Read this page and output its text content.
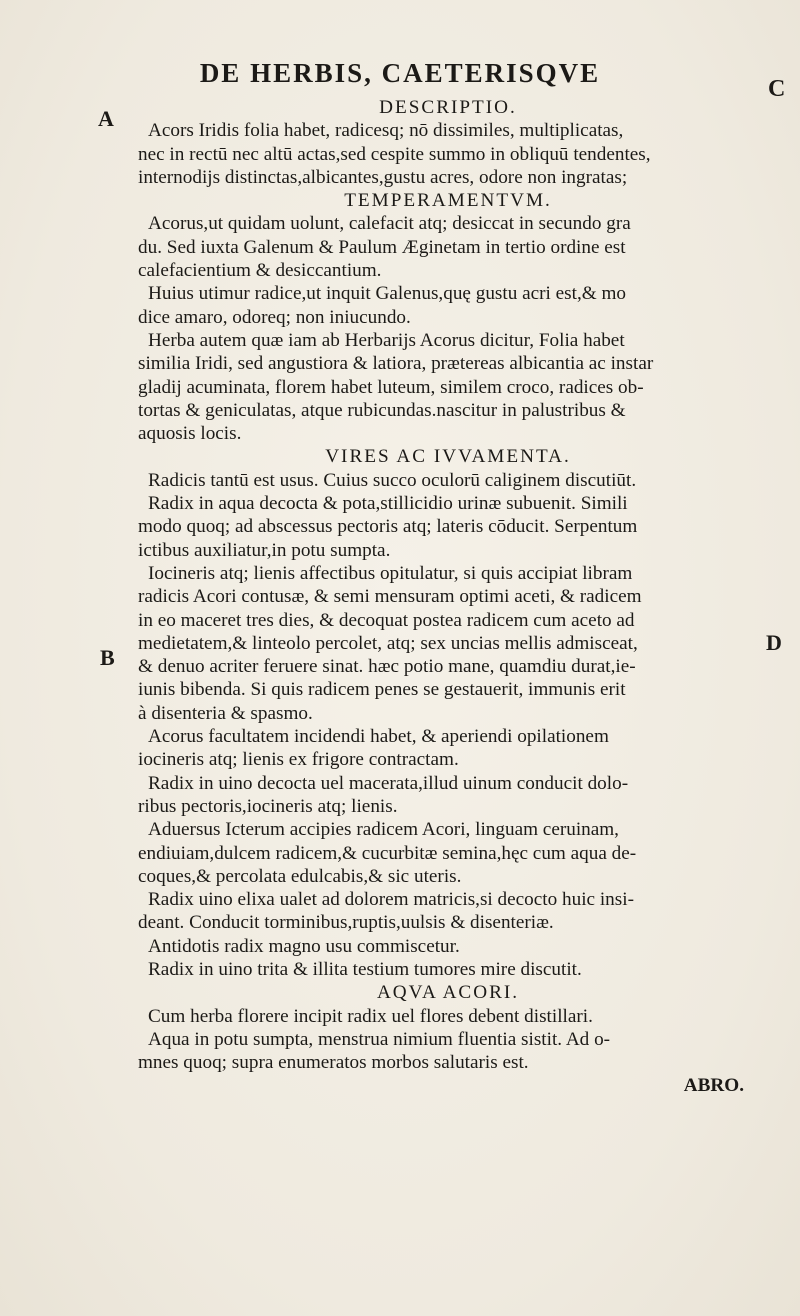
DE HERBIS, CAETERISQVE
A
B
C
D
DESCRIPTIO.
Acors Iridis folia habet, radicesq; nō dissimiles, multiplicatas,
nec in rectū nec altū actas,sed cespite summo in obliquū tendentes,
internodijs distinctas,albicantes,gustu acres, odore non ingratas;
TEMPERAMENTVM.
Acorus,ut quidam uolunt, calefacit atq; desiccat in secundo gra
du. Sed iuxta Galenum & Paulum Æginetam in tertio ordine est
calefacientium & desiccantium.
Huius utimur radice,ut inquit Galenus,quę gustu acri est,& mo
dice amaro, odoreq; non iniucundo.
Herba autem quæ iam ab Herbarijs Acorus dicitur, Folia habet
similia Iridi, sed angustiora & latiora, prætereas albicantia ac instar
gladij acuminata, florem habet luteum, similem croco, radices ob-
tortas & geniculatas, atque rubicundas.nascitur in palustribus &
aquosis locis.
VIRES AC IVVAMENTA.
Radicis tantū est usus. Cuius succo oculorū caliginem discutiūt.
Radix in aqua decocta & pota,stillicidio urinæ subuenit. Simili
modo quoq; ad abscessus pectoris atq; lateris cōducit. Serpentum
ictibus auxiliatur,in potu sumpta.
Iocineris atq; lienis affectibus opitulatur, si quis accipiat libram
radicis Acori contusæ, & semi mensuram optimi aceti, & radicem
in eo maceret tres dies, & decoquat postea radicem cum aceto ad
medietatem,& linteolo percolet, atq; sex uncias mellis admisceat,
& denuo acriter feruere sinat. hæc potio mane, quamdiu durat,ie-
iunis bibenda. Si quis radicem penes se gestauerit, immunis erit
à disenteria & spasmo.
Acorus facultatem incidendi habet, & aperiendi opilationem
iocineris atq; lienis ex frigore contractam.
Radix in uino decocta uel macerata,illud uinum conducit dolo-
ribus pectoris,iocineris atq; lienis.
Aduersus Icterum accipies radicem Acori, linguam ceruinam,
endiuiam,dulcem radicem,& cucurbitæ semina,hęc cum aqua de-
coques,& percolata edulcabis,& sic uteris.
Radix uino elixa ualet ad dolorem matricis,si decocto huic insi-
deant. Conducit torminibus,ruptis,uulsis & disenteriæ.
Antidotis radix magno usu commiscetur.
Radix in uino trita & illita testium tumores mire discutit.
AQVA ACORI.
Cum herba florere incipit radix uel flores debent distillari.
Aqua in potu sumpta, menstrua nimium fluentia sistit. Ad o-
mnes quoq; supra enumeratos morbos salutaris est.
ABRO.
